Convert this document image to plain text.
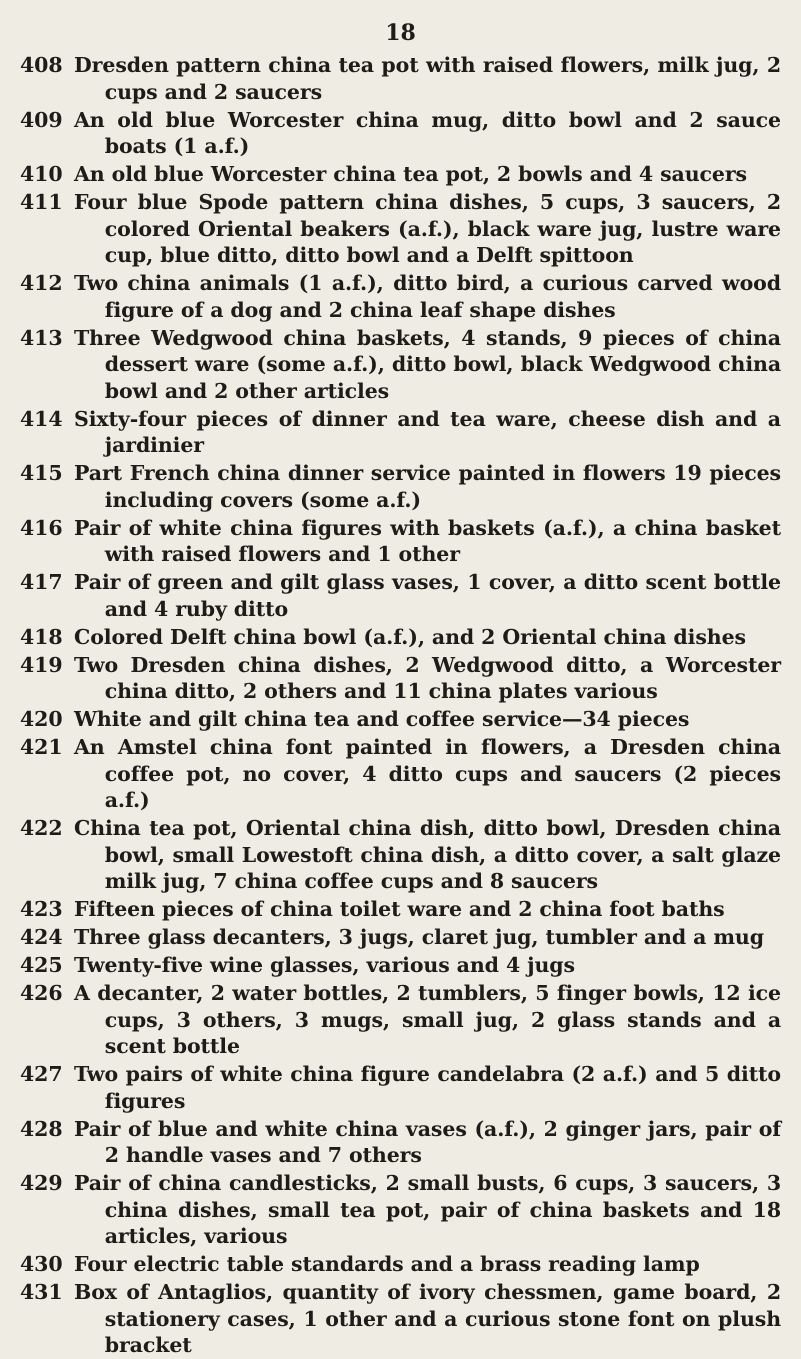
18
408 Dresden pattern china tea pot with raised flowers, milk jug, 2 cups and 2 saucers
409 An old blue Worcester china mug, ditto bowl and 2 sauce boats (1 a.f.)
410 An old blue Worcester china tea pot, 2 bowls and 4 saucers
411 Four blue Spode pattern china dishes, 5 cups, 3 saucers, 2 colored Oriental beakers (a.f.), black ware jug, lustre ware cup, blue ditto, ditto bowl and a Delft spittoon
412 Two china animals (1 a.f.), ditto bird, a curious carved wood figure of a dog and 2 china leaf shape dishes
413 Three Wedgwood china baskets, 4 stands, 9 pieces of china dessert ware (some a.f.), ditto bowl, black Wedgwood china bowl and 2 other articles
414 Sixty-four pieces of dinner and tea ware, cheese dish and a jardinier
415 Part French china dinner service painted in flowers 19 pieces including covers (some a.f.)
416 Pair of white china figures with baskets (a.f.), a china basket with raised flowers and 1 other
417 Pair of green and gilt glass vases, 1 cover, a ditto scent bottle and 4 ruby ditto
418 Colored Delft china bowl (a.f.), and 2 Oriental china dishes
419 Two Dresden china dishes, 2 Wedgwood ditto, a Worcester china ditto, 2 others and 11 china plates various
420 White and gilt china tea and coffee service—34 pieces
421 An Amstel china font painted in flowers, a Dresden china coffee pot, no cover, 4 ditto cups and saucers (2 pieces a.f.)
422 China tea pot, Oriental china dish, ditto bowl, Dresden china bowl, small Lowestoft china dish, a ditto cover, a salt glaze milk jug, 7 china coffee cups and 8 saucers
423 Fifteen pieces of china toilet ware and 2 china foot baths
424 Three glass decanters, 3 jugs, claret jug, tumbler and a mug
425 Twenty-five wine glasses, various and 4 jugs
426 A decanter, 2 water bottles, 2 tumblers, 5 finger bowls, 12 ice cups, 3 others, 3 mugs, small jug, 2 glass stands and a scent bottle
427 Two pairs of white china figure candelabra (2 a.f.) and 5 ditto figures
428 Pair of blue and white china vases (a.f.), 2 ginger jars, pair of 2 handle vases and 7 others
429 Pair of china candlesticks, 2 small busts, 6 cups, 3 saucers, 3 china dishes, small tea pot, pair of china baskets and 18 articles, various
430 Four electric table standards and a brass reading lamp
431 Box of Antaglios, quantity of ivory chessmen, game board, 2 stationery cases, 1 other and a curious stone font on plush bracket
